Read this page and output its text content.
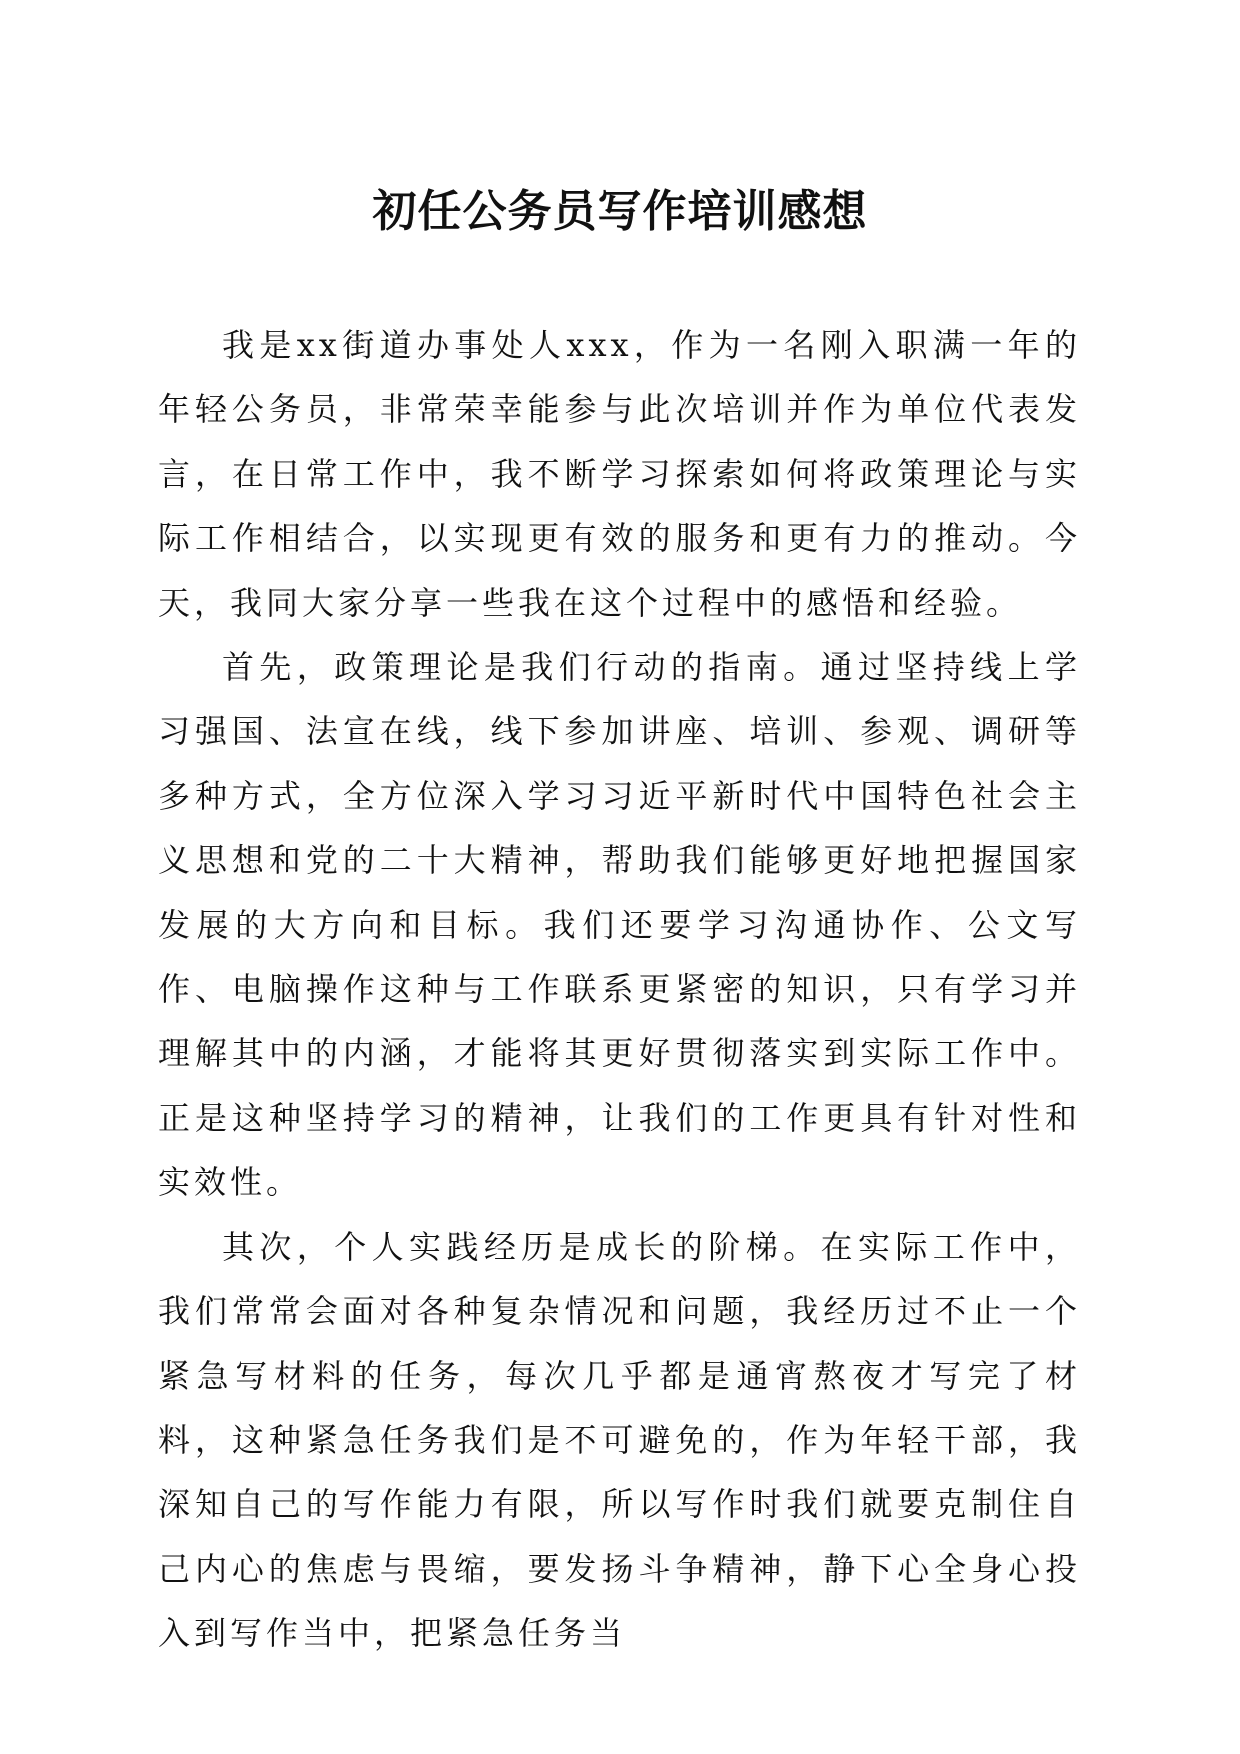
初任公务员写作培训感想

我是xx街道办事处人xxx，作为一名刚入职满一年的年轻公务员，非常荣幸能参与此次培训并作为单位代表发言，在日常工作中，我不断学习探索如何将政策理论与实际工作相结合，以实现更有效的服务和更有力的推动。今天，我同大家分享一些我在这个过程中的感悟和经验。

首先，政策理论是我们行动的指南。通过坚持线上学习强国、法宣在线，线下参加讲座、培训、参观、调研等多种方式，全方位深入学习习近平新时代中国特色社会主义思想和党的二十大精神，帮助我们能够更好地把握国家发展的大方向和目标。我们还要学习沟通协作、公文写作、电脑操作这种与工作联系更紧密的知识，只有学习并理解其中的内涵，才能将其更好贯彻落实到实际工作中。正是这种坚持学习的精神，让我们的工作更具有针对性和实效性。

其次，个人实践经历是成长的阶梯。在实际工作中，我们常常会面对各种复杂情况和问题，我经历过不止一个紧急写材料的任务，每次几乎都是通宵熬夜才写完了材料，这种紧急任务我们是不可避免的，作为年轻干部，我深知自己的写作能力有限，所以写作时我们就要克制住自己内心的焦虑与畏缩，要发扬斗争精神，静下心全身心投入到写作当中，把紧急任务当
